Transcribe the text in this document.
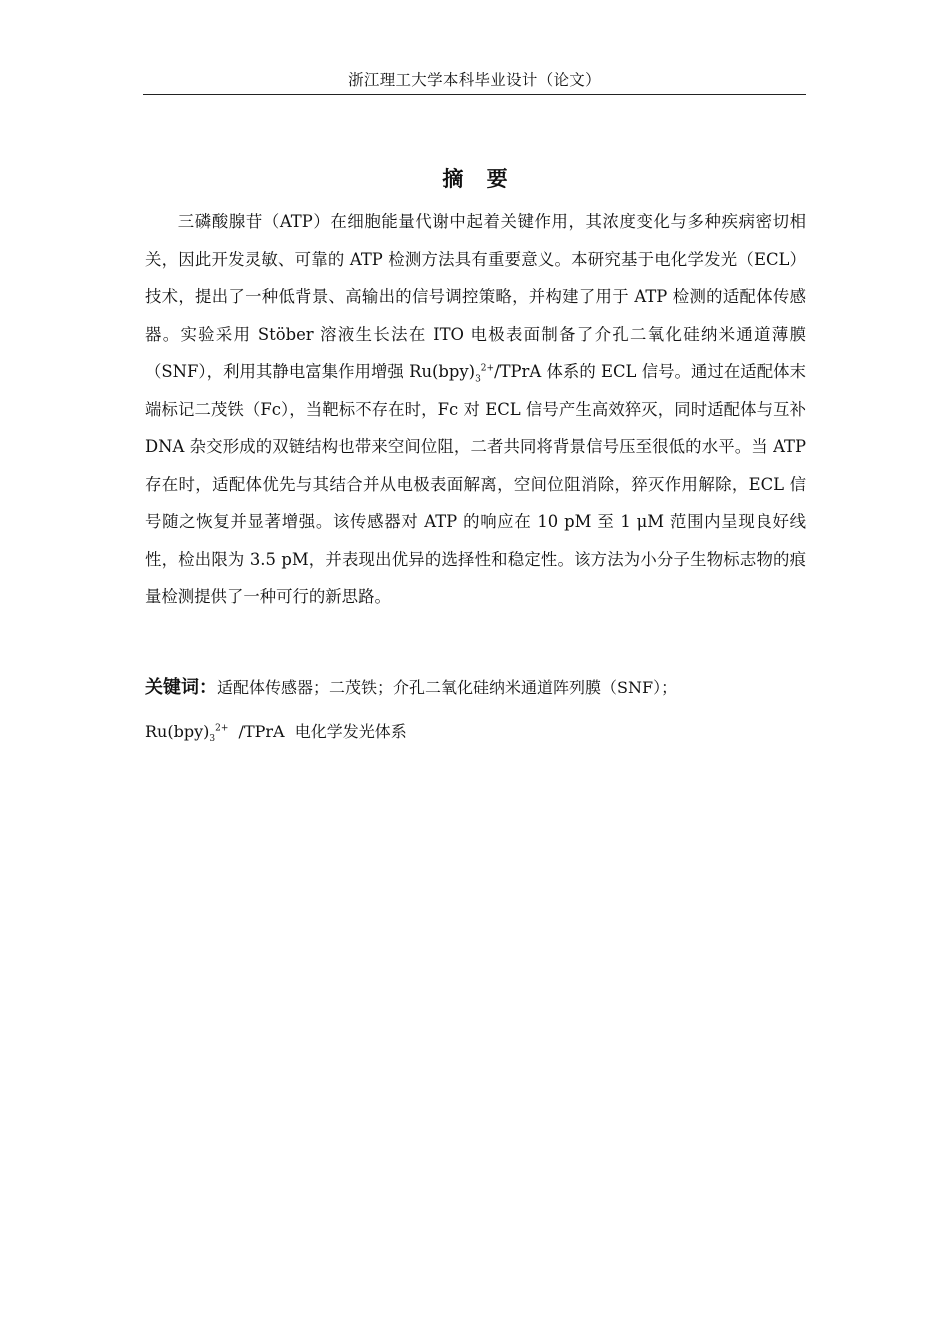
浙江理工大学本科毕业设计（论文）
摘 要

三磷酸腺苷（ATP）在细胞能量代谢中起着关键作用，其浓度变化与多种疾病密切相关，因此开发灵敏、可靠的 ATP 检测方法具有重要意义。本研究基于电化学发光（ECL）技术，提出了一种低背景、高输出的信号调控策略，并构建了用于 ATP 检测的适配体传感器。实验采用 Stöber 溶液生长法在 ITO 电极表面制备了介孔二氧化硅纳米通道薄膜（SNF），利用其静电富集作用增强 $Ru(bpy)_3^{2+}$/TPrA 体系的 ECL 信号。通过在适配体末端标记二茂铁（Fc），当靶标不存在时，Fc 对 ECL 信号产生高效猝灭，同时适配体与互补 DNA 杂交形成的双链结构也带来空间位阻，二者共同将背景信号压至很低的水平。当 ATP 存在时，适配体优先与其结合并从电极表面解离，空间位阻消除，猝灭作用解除，ECL 信号随之恢复并显著增强。该传感器对 ATP 的响应在 10 pM 至 1 μM 范围内呈现良好线性，检出限为 3.5 pM，并表现出优异的选择性和稳定性。该方法为小分子生物标志物的痕量检测提供了一种可行的新思路。

关键词：适配体传感器；二茂铁；介孔二氧化硅纳米通道阵列膜（SNF）；

$Ru(bpy)_3^{2+}$  /TPrA  电化学发光体系
